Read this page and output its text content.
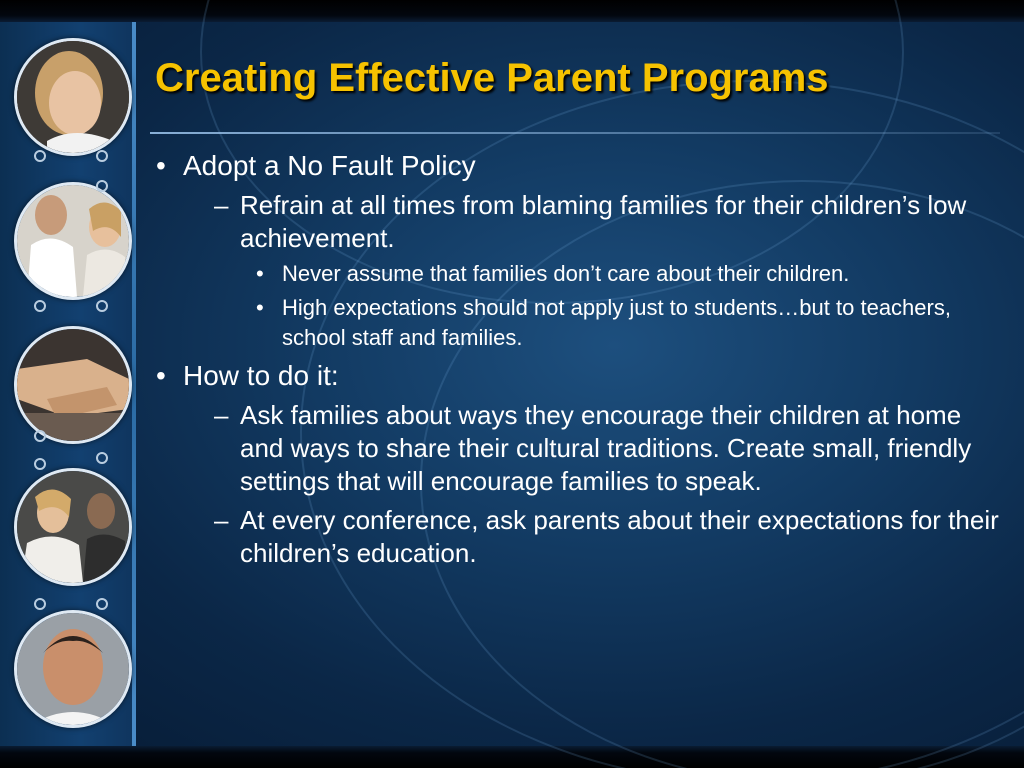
Creating Effective Parent Programs

• Adopt a No Fault Policy

– Refrain at all times from blaming families for their children’s low achievement.

• Never assume that families don’t care about their children.

• High expectations should not apply just to students…but to teachers, school staff and families.

• How to do it:

– Ask families about ways they encourage their children at home and ways to share their cultural traditions. Create small, friendly settings that will encourage families to speak.

– At every conference, ask parents about their expectations for their children’s education.
